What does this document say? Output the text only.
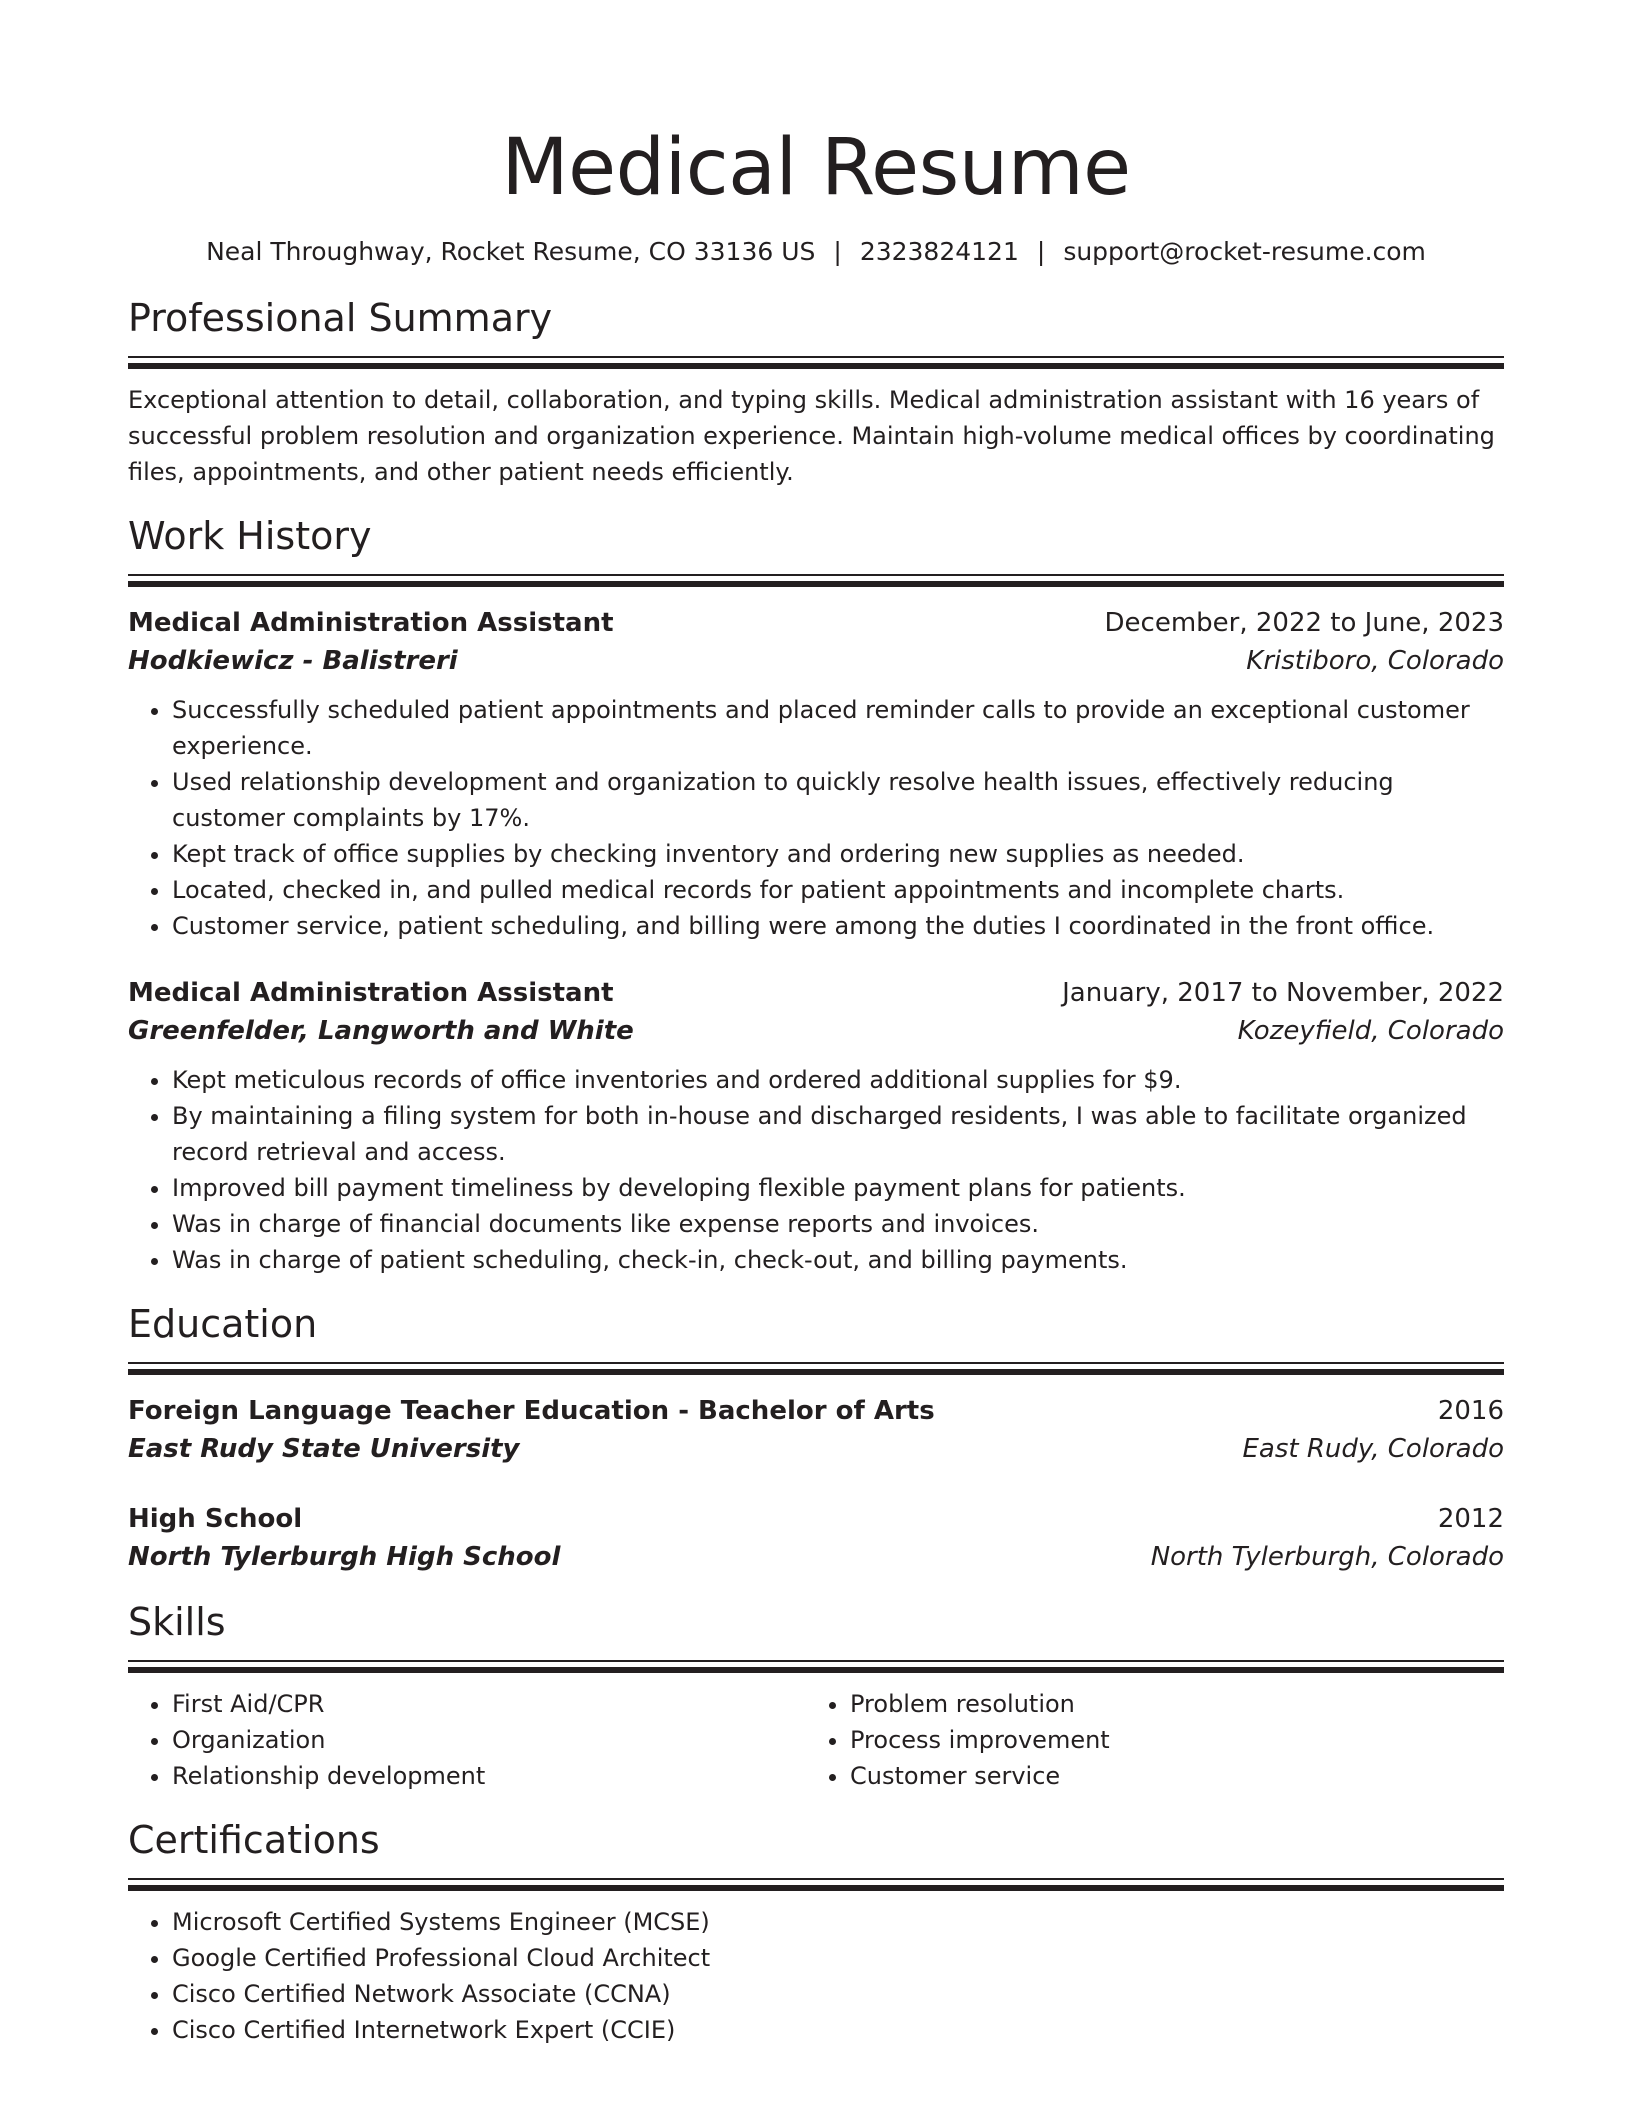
Medical Resume
Neal Throughway, Rocket Resume, CO 33136 US | 2323824121 | support@rocket-resume.com
Professional Summary

Exceptional attention to detail, collaboration, and typing skills. Medical administration assistant with 16 years of successful problem resolution and organization experience. Maintain high-volume medical offices by coordinating files, appointments, and other patient needs efficiently.

Work History
Medical Administration Assistant	December, 2022 to June, 2023
Hodkiewicz - Balistreri	Kristiboro, Colorado
• Successfully scheduled patient appointments and placed reminder calls to provide an exceptional customer experience.
• Used relationship development and organization to quickly resolve health issues, effectively reducing customer complaints by 17%.
• Kept track of office supplies by checking inventory and ordering new supplies as needed.
• Located, checked in, and pulled medical records for patient appointments and incomplete charts.
• Customer service, patient scheduling, and billing were among the duties I coordinated in the front office.
Medical Administration Assistant	January, 2017 to November, 2022
Greenfelder, Langworth and White	Kozeyfield, Colorado
• Kept meticulous records of office inventories and ordered additional supplies for $9.
• By maintaining a filing system for both in-house and discharged residents, I was able to facilitate organized record retrieval and access.
• Improved bill payment timeliness by developing flexible payment plans for patients.
• Was in charge of financial documents like expense reports and invoices.
• Was in charge of patient scheduling, check-in, check-out, and billing payments.
Education
Foreign Language Teacher Education - Bachelor of Arts	2016
East Rudy State University	East Rudy, Colorado
High School	2012
North Tylerburgh High School	North Tylerburgh, Colorado
Skills
• First Aid/CPR
• Organization
• Relationship development
• Problem resolution
• Process improvement
• Customer service
Certifications
• Microsoft Certified Systems Engineer (MCSE)
• Google Certified Professional Cloud Architect
• Cisco Certified Network Associate (CCNA)
• Cisco Certified Internetwork Expert (CCIE)
